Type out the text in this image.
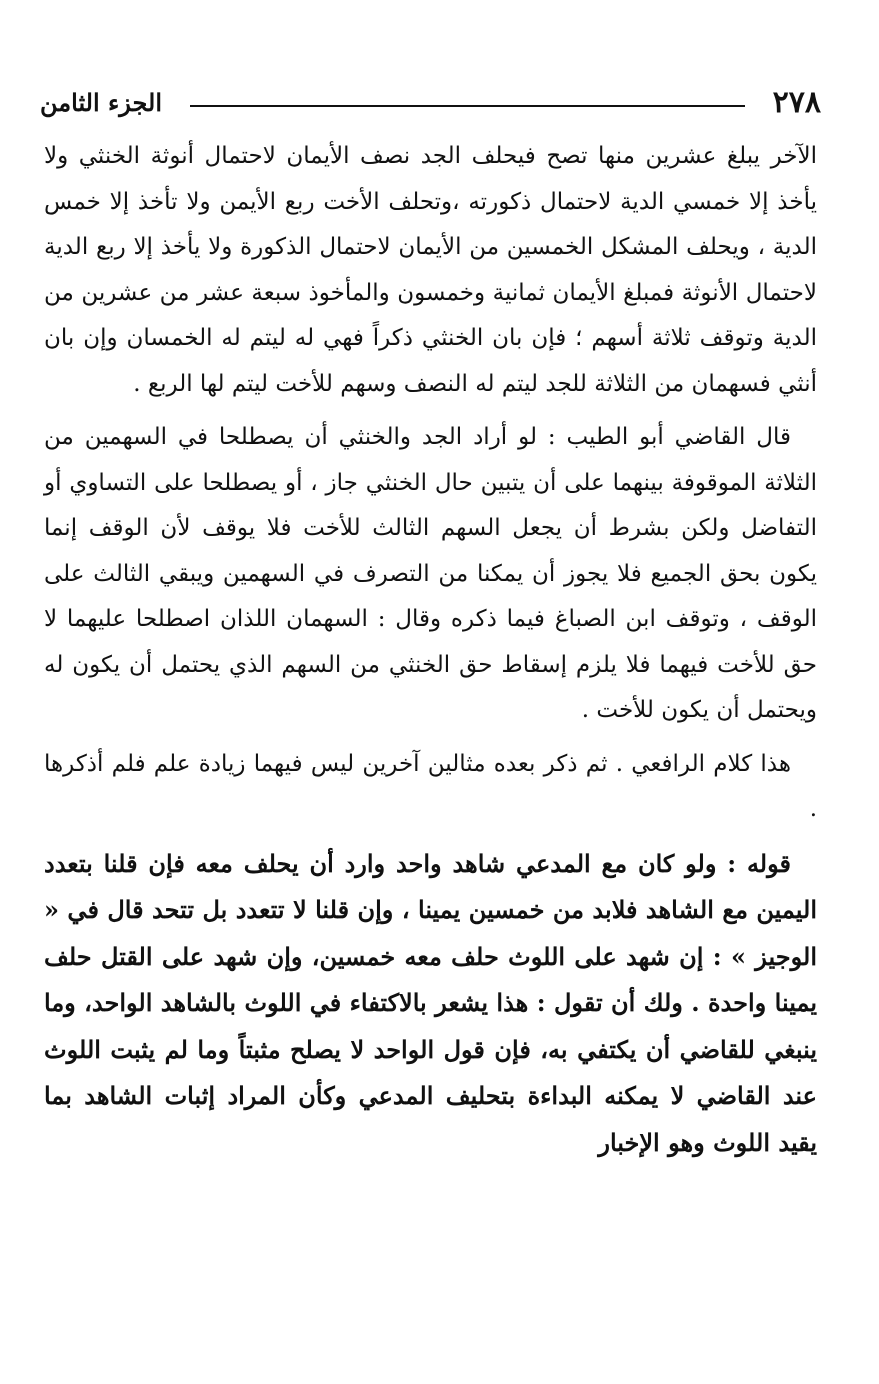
٢٧٨
الجزء الثامن

الآخر يبلغ عشرين منها تصح فيحلف الجد نصف الأيمان لاحتمال أنوثة الخنثي ولا يأخذ إلا خمسي الدية لاحتمال ذكورته ،وتحلف الأخت ربع الأيمن ولا تأخذ إلا خمس الدية ، ويحلف المشكل الخمسين من الأيمان لاحتمال الذكورة ولا يأخذ إلا ربع الدية لاحتمال الأنوثة فمبلغ الأيمان ثمانية وخمسون والمأخوذ سبعة عشر من عشرين من الدية وتوقف ثلاثة أسهم ؛ فإن بان الخنثي ذكراً فهي له ليتم له الخمسان وإن بان أنثي فسهمان من الثلاثة للجد ليتم له النصف وسهم للأخت ليتم لها الربع .

قال القاضي أبو الطيب : لو أراد الجد والخنثي أن يصطلحا في السهمين من الثلاثة الموقوفة بينهما على أن يتبين حال الخنثي جاز ، أو يصطلحا على التساوي أو التفاضل ولكن بشرط أن يجعل السهم الثالث للأخت فلا يوقف لأن الوقف إنما يكون بحق الجميع فلا يجوز أن يمكنا من التصرف في السهمين ويبقي الثالث على الوقف ، وتوقف ابن الصباغ فيما ذكره وقال : السهمان اللذان اصطلحا عليهما لا حق للأخت فيهما فلا يلزم إسقاط حق الخنثي من السهم الذي يحتمل أن يكون له ويحتمل أن يكون للأخت .

هذا كلام الرافعي . ثم ذكر بعده مثالين آخرين ليس فيهما زيادة علم فلم أذكرها .

قوله : ولو كان مع المدعي شاهد واحد وارد أن يحلف معه فإن قلنا بتعدد اليمين مع الشاهد فلابد من خمسين يمينا ، وإن قلنا لا تتعدد بل تتحد قال في « الوجيز » : إن شهد على اللوث حلف معه خمسين، وإن شهد على القتل حلف يمينا واحدة . ولك أن تقول : هذا يشعر بالاكتفاء في اللوث بالشاهد الواحد، وما ينبغي للقاضي أن يكتفي به، فإن قول الواحد لا يصلح مثبتاً وما لم يثبت اللوث عند القاضي لا يمكنه البداءة بتحليف المدعي وكأن المراد إثبات الشاهد بما يقيد اللوث وهو الإخبار
